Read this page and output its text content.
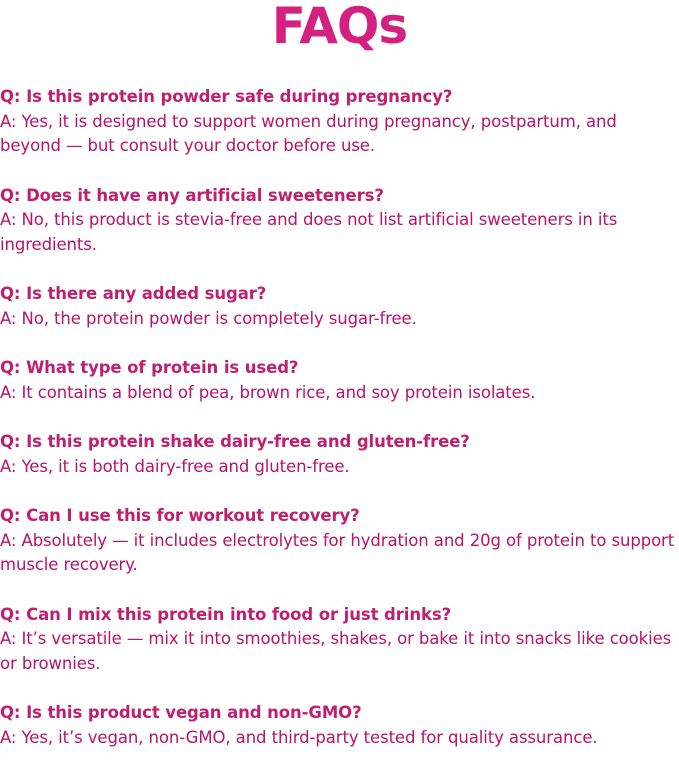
FAQs
Q: Is this protein powder safe during pregnancy?
A: Yes, it is designed to support women during pregnancy, postpartum, and beyond — but consult your doctor before use.
Q: Does it have any artificial sweeteners?
A: No, this product is stevia-free and does not list artificial sweeteners in its ingredients.
Q: Is there any added sugar?
A: No, the protein powder is completely sugar-free.
Q: What type of protein is used?
A: It contains a blend of pea, brown rice, and soy protein isolates.
Q: Is this protein shake dairy-free and gluten-free?
A: Yes, it is both dairy-free and gluten-free.
Q: Can I use this for workout recovery?
A: Absolutely — it includes electrolytes for hydration and 20g of protein to support muscle recovery.
Q: Can I mix this protein into food or just drinks?
A: It’s versatile — mix it into smoothies, shakes, or bake it into snacks like cookies or brownies.
Q: Is this product vegan and non-GMO?
A: Yes, it’s vegan, non-GMO, and third-party tested for quality assurance.
